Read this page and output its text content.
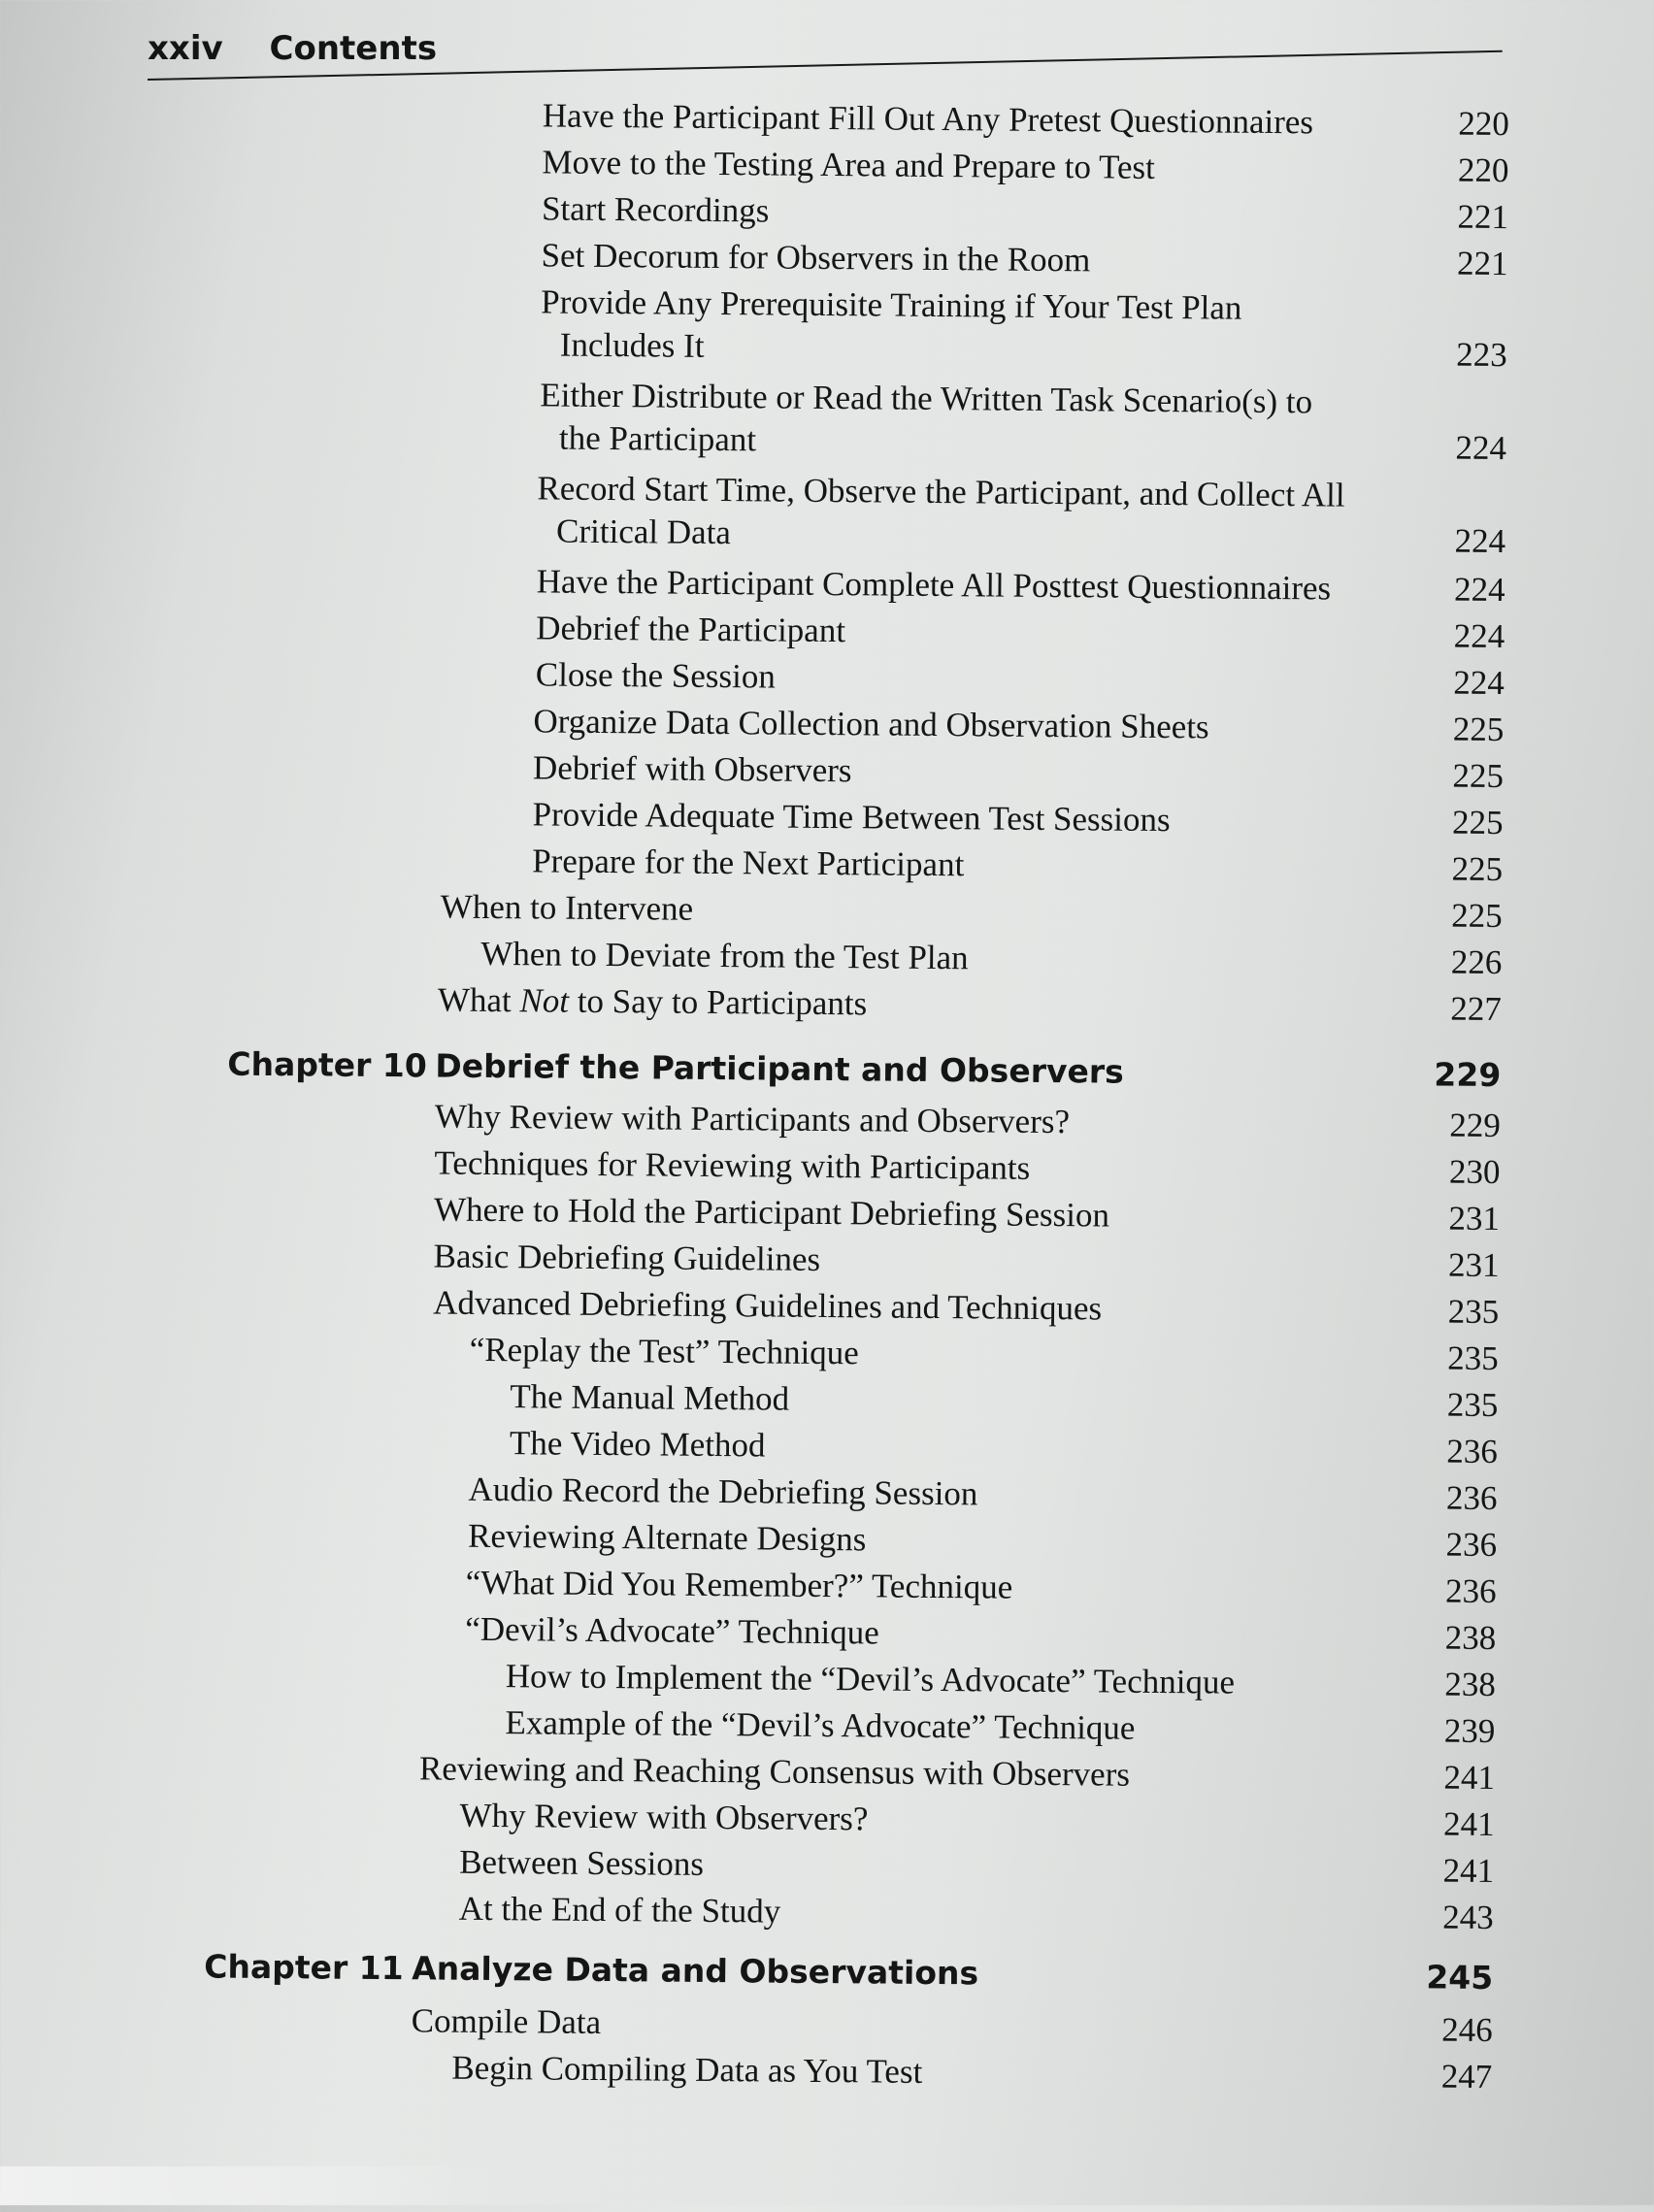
xxiv Contents
Have the Participant Fill Out Any Pretest Questionnaires	220
Move to the Testing Area and Prepare to Test	220
Start Recordings	221
Set Decorum for Observers in the Room	221
Provide Any Prerequisite Training if Your Test Plan
Includes It	223
Either Distribute or Read the Written Task Scenario(s) to
the Participant	224
Record Start Time, Observe the Participant, and Collect All
Critical Data	224
Have the Participant Complete All Posttest Questionnaires	224
Debrief the Participant	224
Close the Session	224
Organize Data Collection and Observation Sheets	225
Debrief with Observers	225
Provide Adequate Time Between Test Sessions	225
Prepare for the Next Participant	225
When to Intervene	225
When to Deviate from the Test Plan	226
What Not to Say to Participants	227
Chapter 10 Debrief the Participant and Observers	229
Why Review with Participants and Observers?	229
Techniques for Reviewing with Participants	230
Where to Hold the Participant Debriefing Session	231
Basic Debriefing Guidelines	231
Advanced Debriefing Guidelines and Techniques	235
“Replay the Test” Technique	235
The Manual Method	235
The Video Method	236
Audio Record the Debriefing Session	236
Reviewing Alternate Designs	236
“What Did You Remember?” Technique	236
“Devil’s Advocate” Technique	238
How to Implement the “Devil’s Advocate” Technique	238
Example of the “Devil’s Advocate” Technique	239
Reviewing and Reaching Consensus with Observers	241
Why Review with Observers?	241
Between Sessions	241
At the End of the Study	243
Chapter 11 Analyze Data and Observations	245
Compile Data	246
Begin Compiling Data as You Test	247
